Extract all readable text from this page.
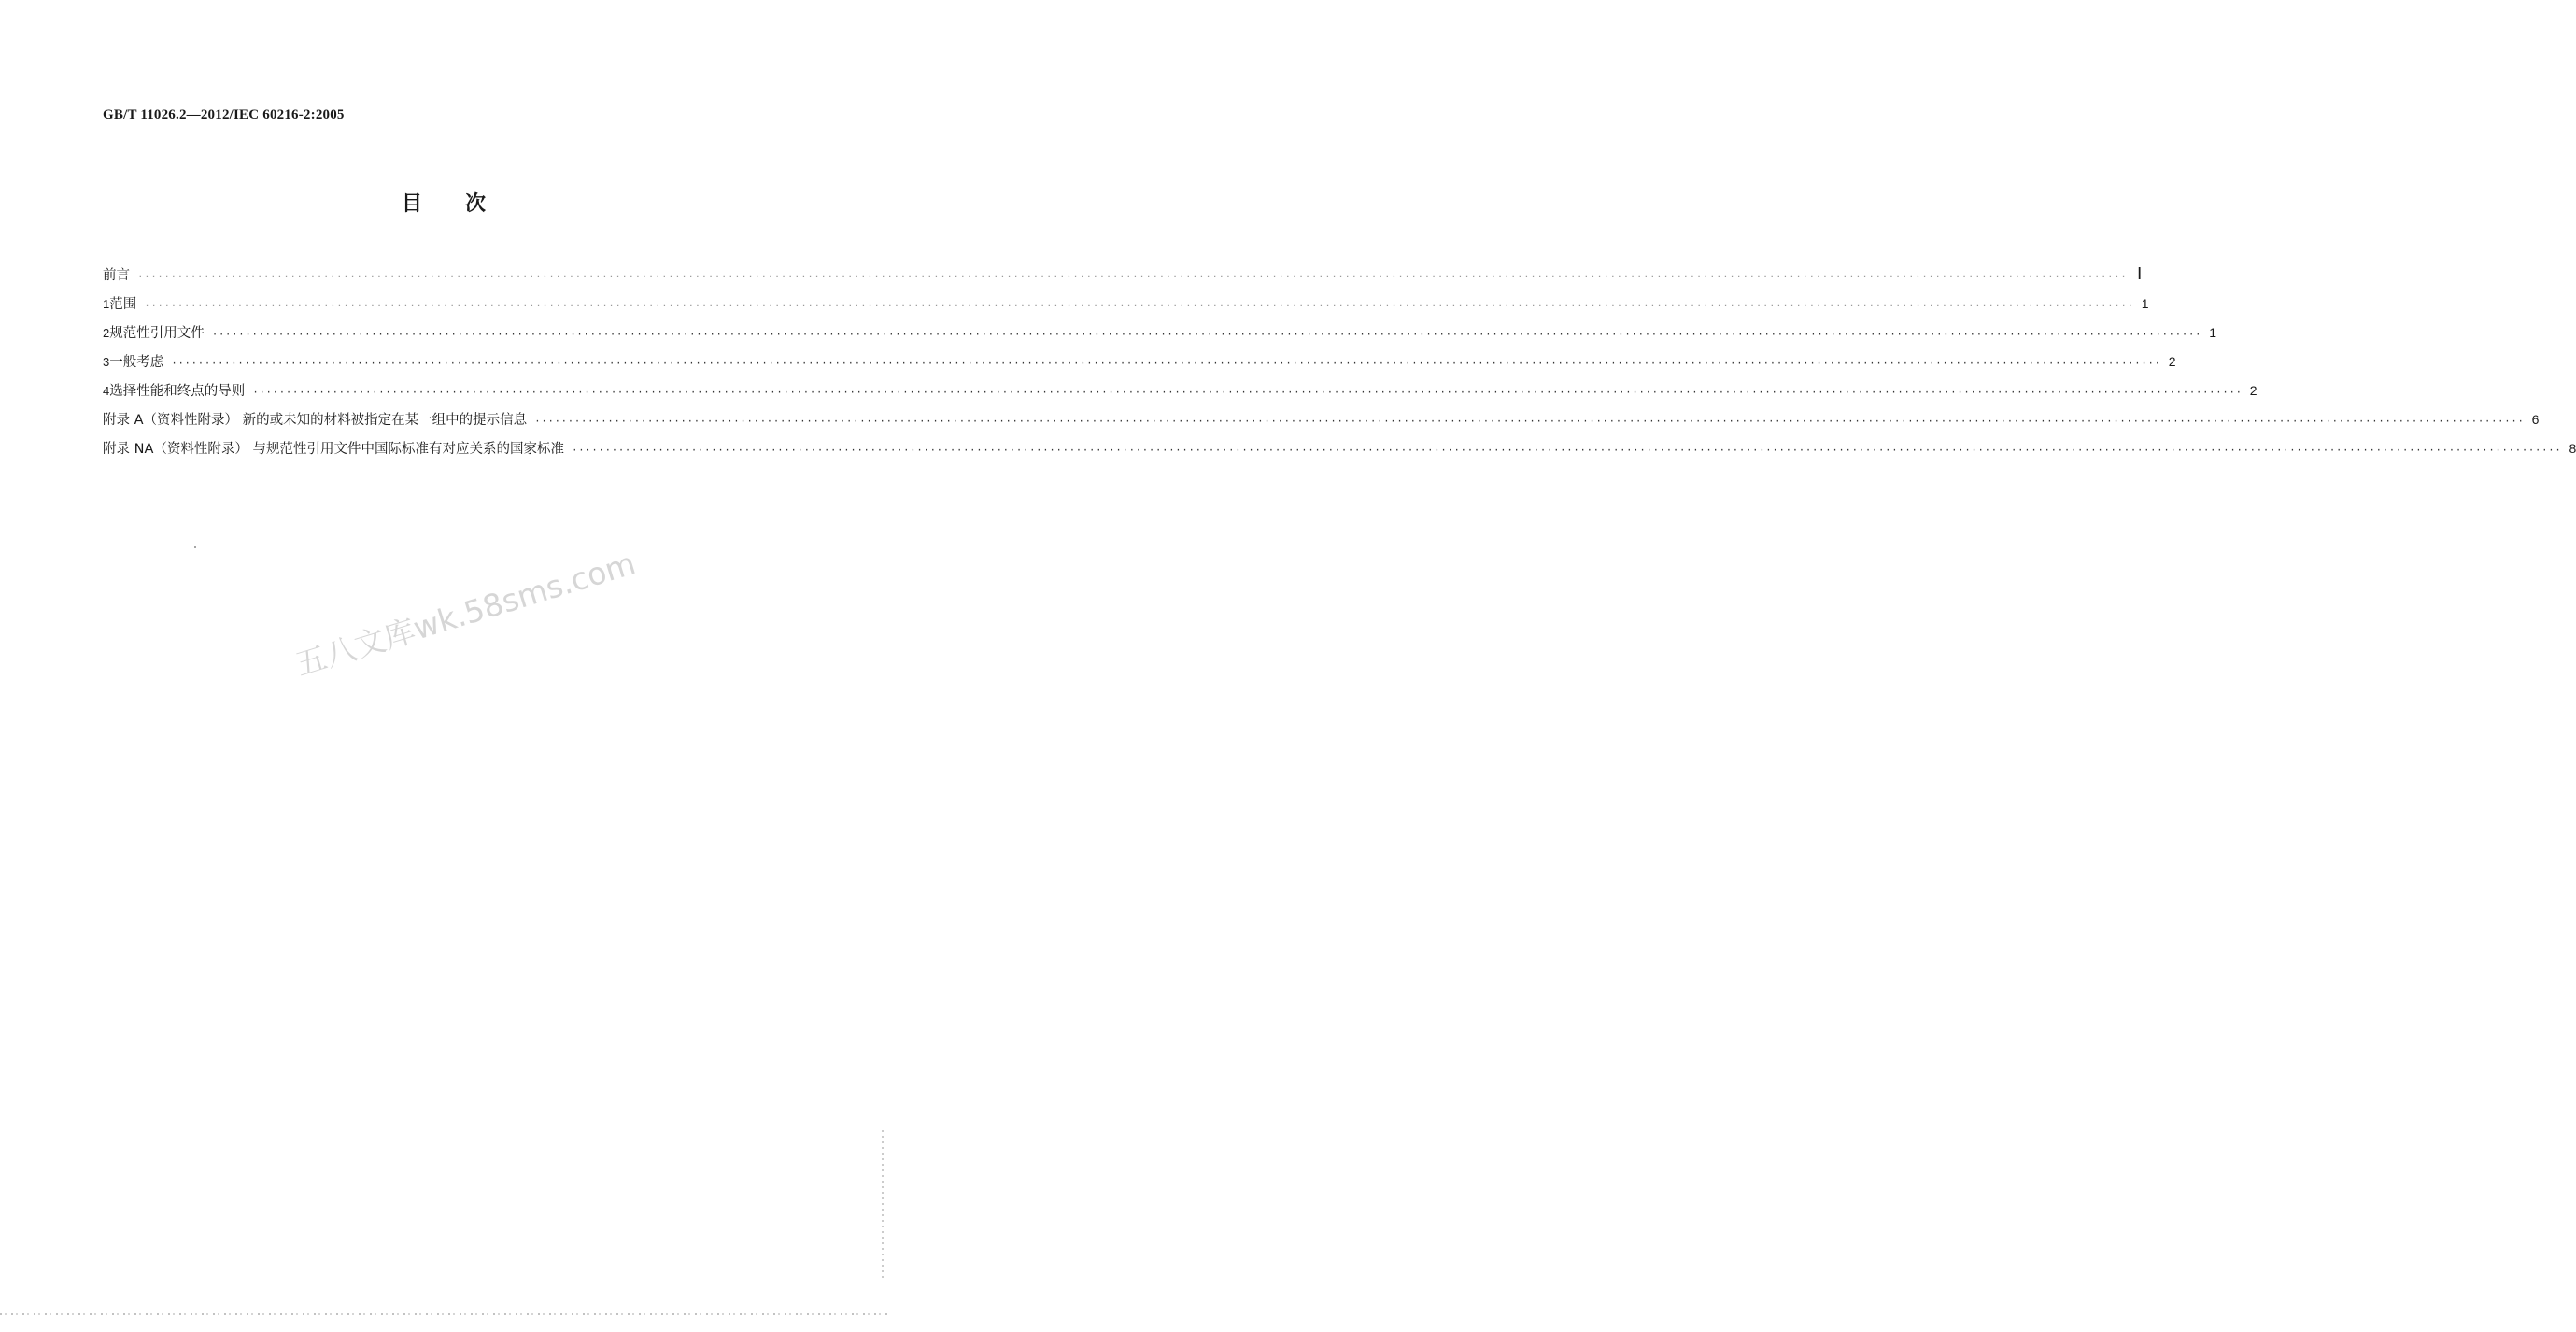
GB/T 11026.2—2012/IEC 60216-2:2005
目次
前言 ············································································································································································································································································································ Ⅰ
1 范围 ············································································································································································································································································································ 1
2 规范性引用文件 ············································································································································································································································································································ 1
3 一般考虑 ············································································································································································································································································································ 2
4 选择性能和终点的导则 ············································································································································································································································································································ 2
附录 A（资料性附录） 新的或未知的材料被指定在某一组中的提示信息 ············································································································································································································································································································ 6
附录 NA（资料性附录） 与规范性引用文件中国际标准有对应关系的国家标准 ············································································································································································································································································································ 8
五八文库wk.58sms.com
